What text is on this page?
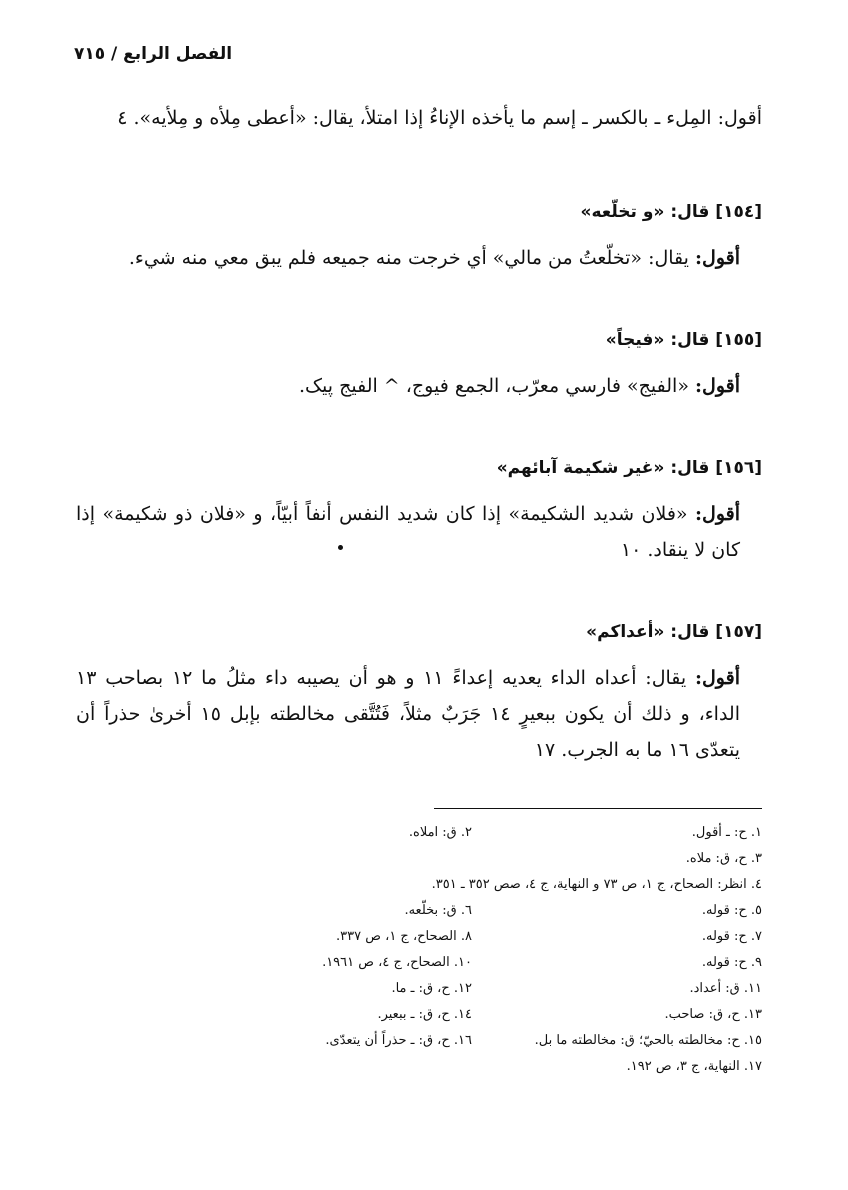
الفصل الرابع / ٧١٥

أقول: المِلء ـ بالكسر ـ إسم ما يأخذه الإناءُ إذا امتلأ، يقال: «أعطى مِلأه و مِلأيه». ٤

[١٥٤] قال: «و تخلّعه»

أقول: يقال: «تخلّعتُ من مالي» أي خرجت منه جميعه فلم يبق معي منه شيء.

[١٥٥] قال: «فيجاً»

أقول: «الفيج» فارسي معرّب، الجمع فيوج، ^ الفيج پيک.

[١٥٦] قال: «غير شكيمة آبائهم»

أقول: «فلان شديد الشكيمة» إذا كان شديد النفس أنفاً أبيّاً، و «فلان ذو شكيمة» إذا كان لا ينقاد. ١٠

[١٥٧] قال: «أعداكم»

أقول: يقال: أعداه الداء يعديه إعداءً ١١ و هو أن يصيبه داء مثلُ ما ١٢ بصاحب ١٣ الداء، و ذلك أن يكون ببعيرٍ ١٤ جَرَبٌ مثلاً، فَتُتَّقى مخالطته بإبل ١٥ أخرىٰ حذراً أن يتعدّى ١٦ ما به الجرب. ١٧

١. ح: ـ أقول.
٢. ق: املاه.
٣. ح، ق: ملاه.
٤. انظر: الصحاح، ج ١، ص ٧٣ و النهاية، ج ٤، صص ٣٥٢ ـ ٣٥١.
٥. ح: قوله.
٦. ق: بخلّعه.
٧. ح: قوله.
٨. الصحاح، ج ١، ص ٣٣٧.
٩. ح: قوله.
١٠. الصحاح، ج ٤، ص ١٩٦١.
١١. ق: أعداد.
١٢. ح، ق: ـ ما.
١٣. ح، ق: صاحب.
١٤. ح، ق: ـ ببعير.
١٥. ح: مخالطته بالحيّ؛ ق: مخالطته ما بل.
١٦. ح، ق: ـ حذراً أن يتعدّى.
١٧. النهاية، ج ٣، ص ١٩٢.
